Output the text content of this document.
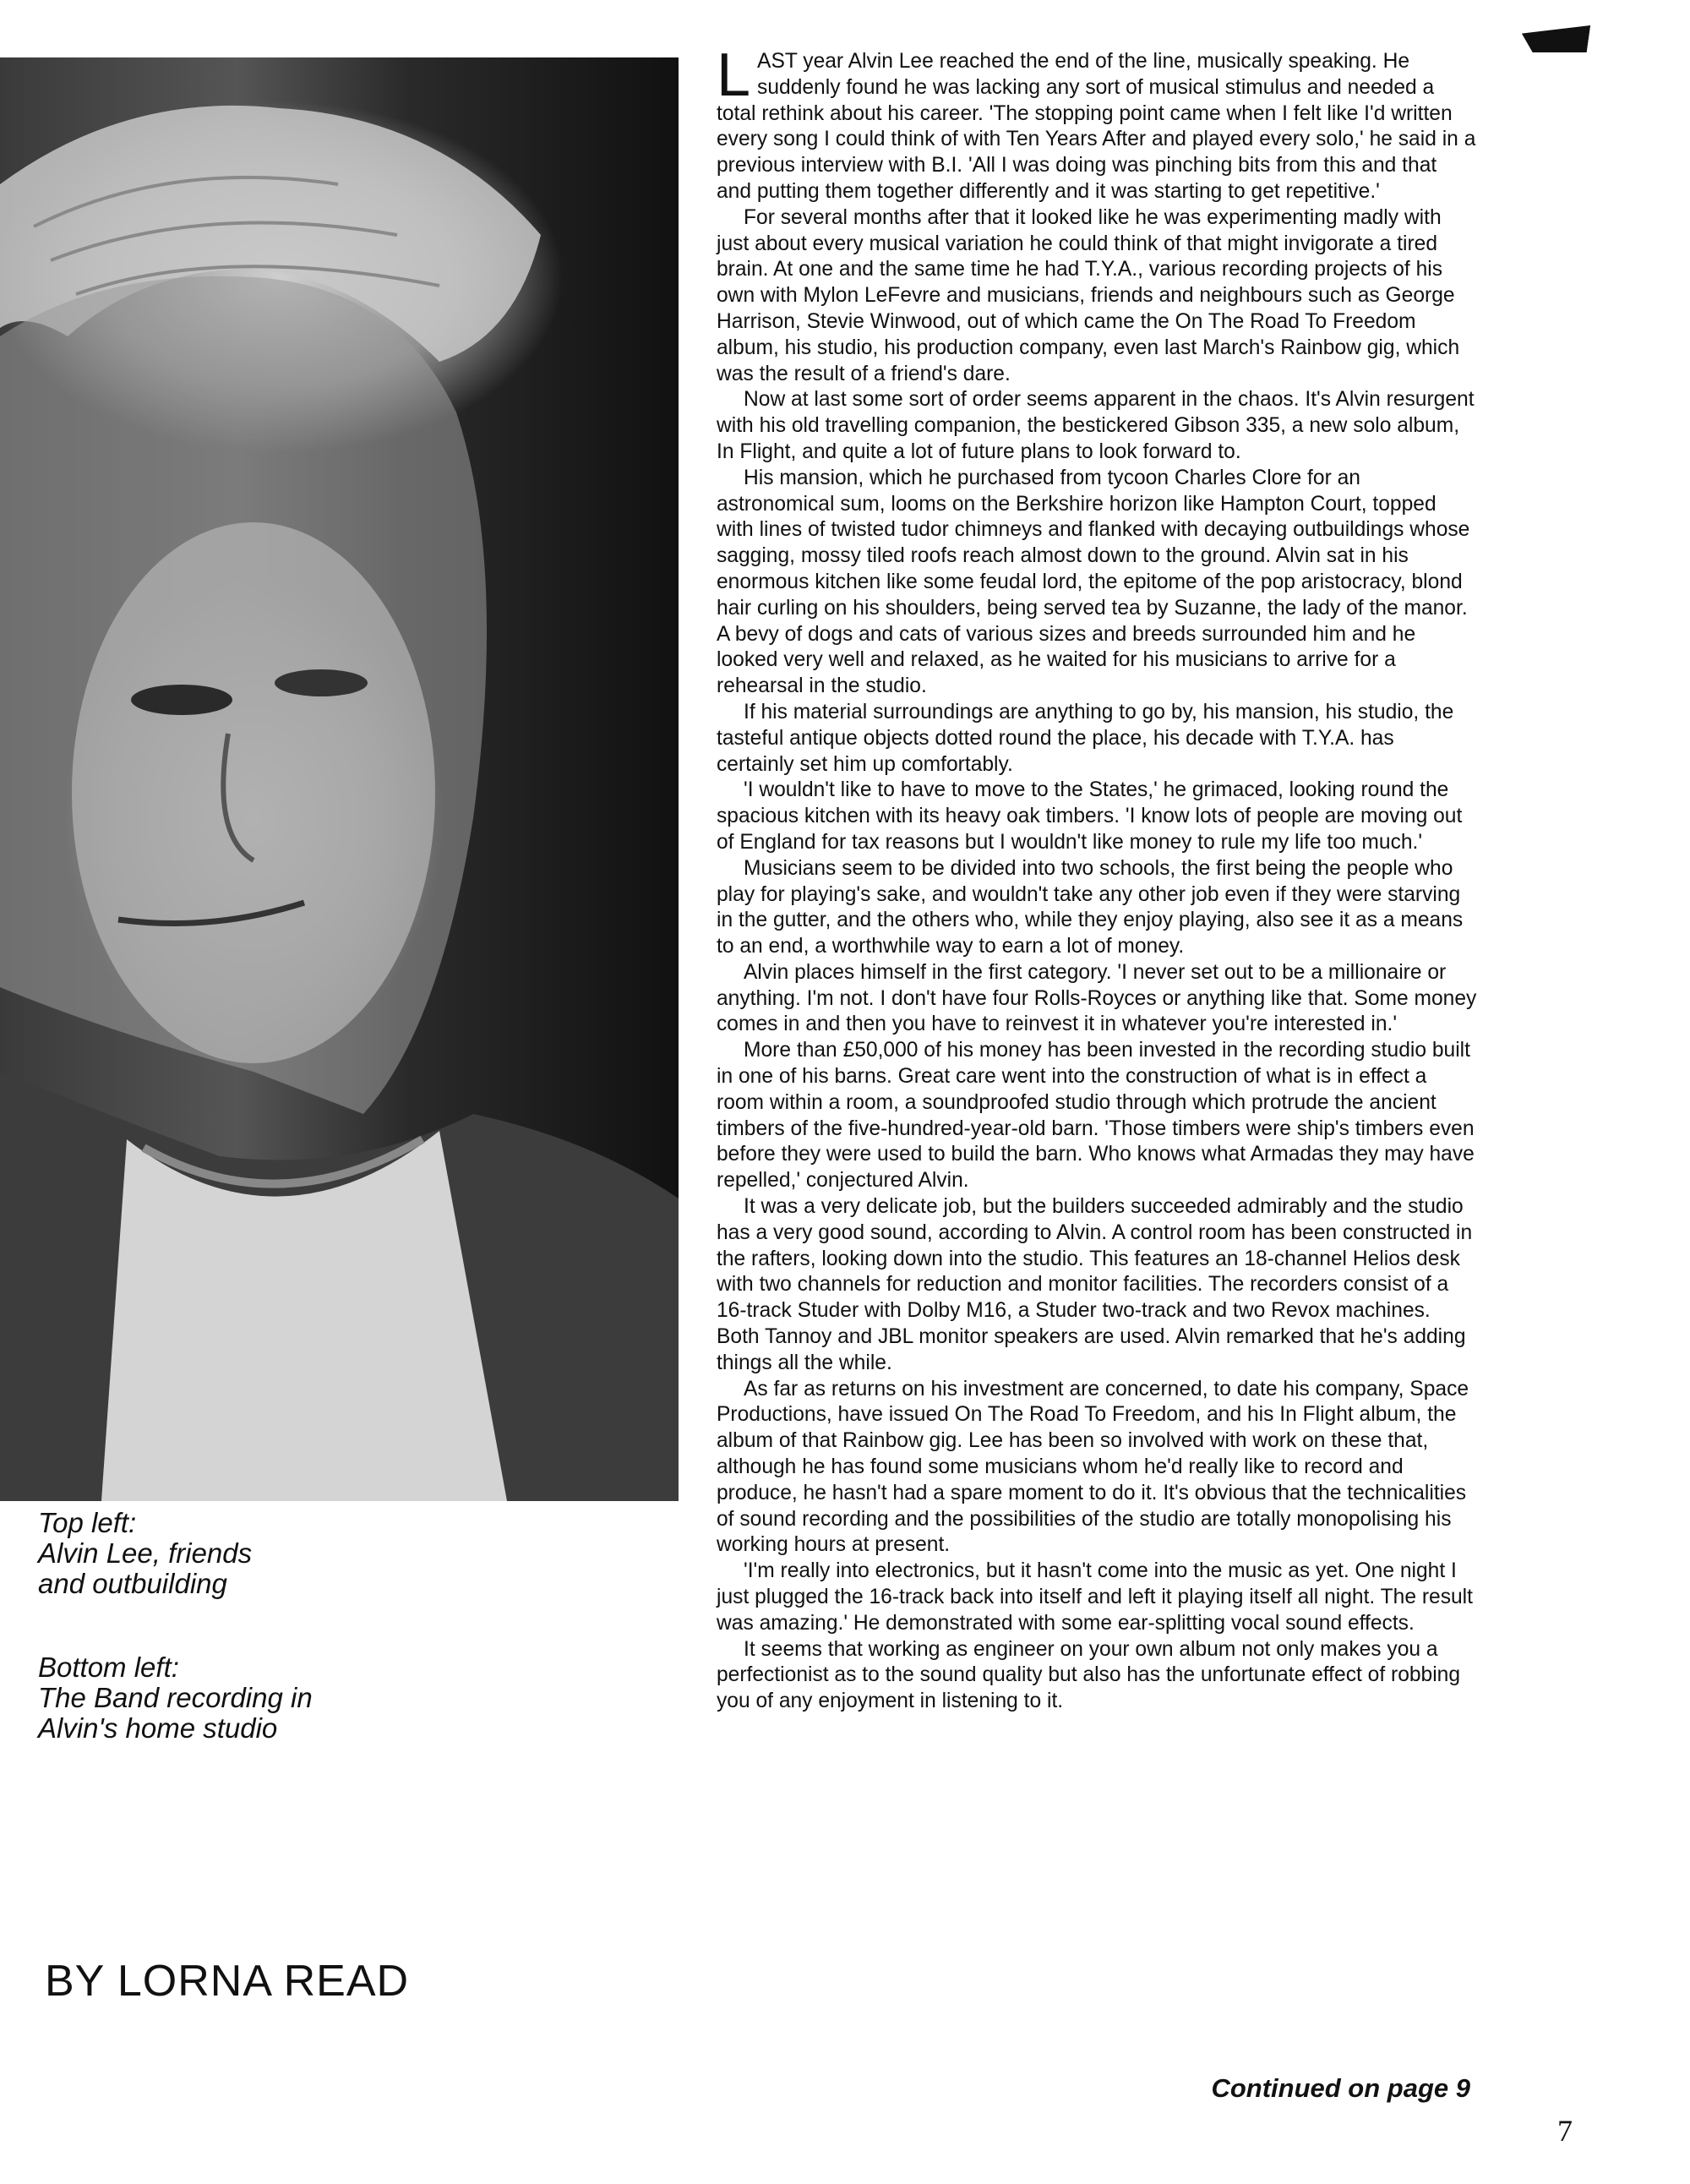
Top left:
Alvin Lee, friends
and outbuilding
Bottom left:
The Band recording in
Alvin's home studio
BY LORNA READ

LAST year Alvin Lee reached the end of the line, musically speaking. He suddenly found he was lacking any sort of musical stimulus and needed a total rethink about his career. 'The stopping point came when I felt like I'd written every song I could think of with Ten Years After and played every solo,' he said in a previous interview with B.I. 'All I was doing was pinching bits from this and that and putting them together differently and it was starting to get repetitive.'

For several months after that it looked like he was experimenting madly with just about every musical variation he could think of that might invigorate a tired brain. At one and the same time he had T.Y.A., various recording projects of his own with Mylon LeFevre and musicians, friends and neighbours such as George Harrison, Stevie Winwood, out of which came the On The Road To Freedom album, his studio, his production company, even last March's Rainbow gig, which was the result of a friend's dare.

Now at last some sort of order seems apparent in the chaos. It's Alvin resurgent with his old travelling companion, the bestickered Gibson 335, a new solo album, In Flight, and quite a lot of future plans to look forward to.

His mansion, which he purchased from tycoon Charles Clore for an astronomical sum, looms on the Berkshire horizon like Hampton Court, topped with lines of twisted tudor chimneys and flanked with decaying outbuildings whose sagging, mossy tiled roofs reach almost down to the ground. Alvin sat in his enormous kitchen like some feudal lord, the epitome of the pop aristocracy, blond hair curling on his shoulders, being served tea by Suzanne, the lady of the manor. A bevy of dogs and cats of various sizes and breeds surrounded him and he looked very well and relaxed, as he waited for his musicians to arrive for a rehearsal in the studio.

If his material surroundings are anything to go by, his mansion, his studio, the tasteful antique objects dotted round the place, his decade with T.Y.A. has certainly set him up comfortably.

'I wouldn't like to have to move to the States,' he grimaced, looking round the spacious kitchen with its heavy oak timbers. 'I know lots of people are moving out of England for tax reasons but I wouldn't like money to rule my life too much.'

Musicians seem to be divided into two schools, the first being the people who play for playing's sake, and wouldn't take any other job even if they were starving in the gutter, and the others who, while they enjoy playing, also see it as a means to an end, a worthwhile way to earn a lot of money.

Alvin places himself in the first category. 'I never set out to be a millionaire or anything. I'm not. I don't have four Rolls-Royces or anything like that. Some money comes in and then you have to reinvest it in whatever you're interested in.'

More than £50,000 of his money has been invested in the recording studio built in one of his barns. Great care went into the construction of what is in effect a room within a room, a soundproofed studio through which protrude the ancient timbers of the five-hundred-year-old barn. 'Those timbers were ship's timbers even before they were used to build the barn. Who knows what Armadas they may have repelled,' conjectured Alvin.

It was a very delicate job, but the builders succeeded admirably and the studio has a very good sound, according to Alvin. A control room has been constructed in the rafters, looking down into the studio. This features an 18-channel Helios desk with two channels for reduction and monitor facilities. The recorders consist of a 16-track Studer with Dolby M16, a Studer two-track and two Revox machines. Both Tannoy and JBL monitor speakers are used. Alvin remarked that he's adding things all the while.

As far as returns on his investment are concerned, to date his company, Space Productions, have issued On The Road To Freedom, and his In Flight album, the album of that Rainbow gig. Lee has been so involved with work on these that, although he has found some musicians whom he'd really like to record and produce, he hasn't had a spare moment to do it. It's obvious that the technicalities of sound recording and the possibilities of the studio are totally monopolising his working hours at present.

'I'm really into electronics, but it hasn't come into the music as yet. One night I just plugged the 16-track back into itself and left it playing itself all night. The result was amazing.' He demonstrated with some ear-splitting vocal sound effects.

It seems that working as engineer on your own album not only makes you a perfectionist as to the sound quality but also has the unfortunate effect of robbing you of any enjoyment in listening to it.

Continued on page 9
7
